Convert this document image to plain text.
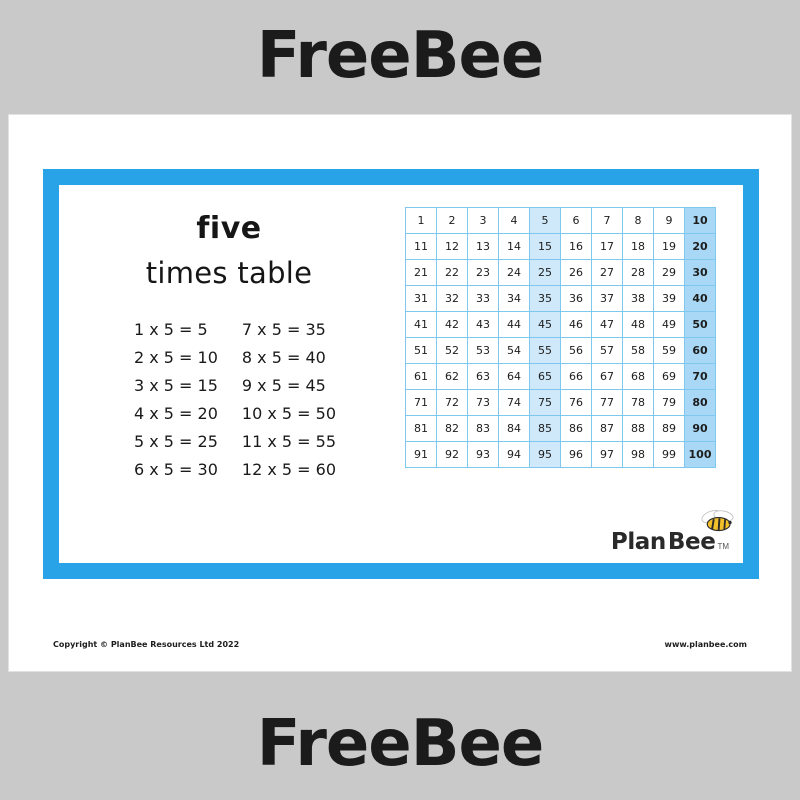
FreeBee
five
times table
1 x 5 = 5
2 x 5 = 10
3 x 5 = 15
4 x 5 = 20
5 x 5 = 25
6 x 5 = 30
7 x 5 = 35
8 x 5 = 40
9 x 5 = 45
10 x 5 = 50
11 x 5 = 55
12 x 5 = 60
1	2	3	4	5	6	7	8	9	10
11	12	13	14	15	16	17	18	19	20
21	22	23	24	25	26	27	28	29	30
31	32	33	34	35	36	37	38	39	40
41	42	43	44	45	46	47	48	49	50
51	52	53	54	55	56	57	58	59	60
61	62	63	64	65	66	67	68	69	70
71	72	73	74	75	76	77	78	79	80
81	82	83	84	85	86	87	88	89	90
91	92	93	94	95	96	97	98	99	100
Plan Bee TM
Copyright © PlanBee Resources Ltd 2022	www.planbee.com
FreeBee
